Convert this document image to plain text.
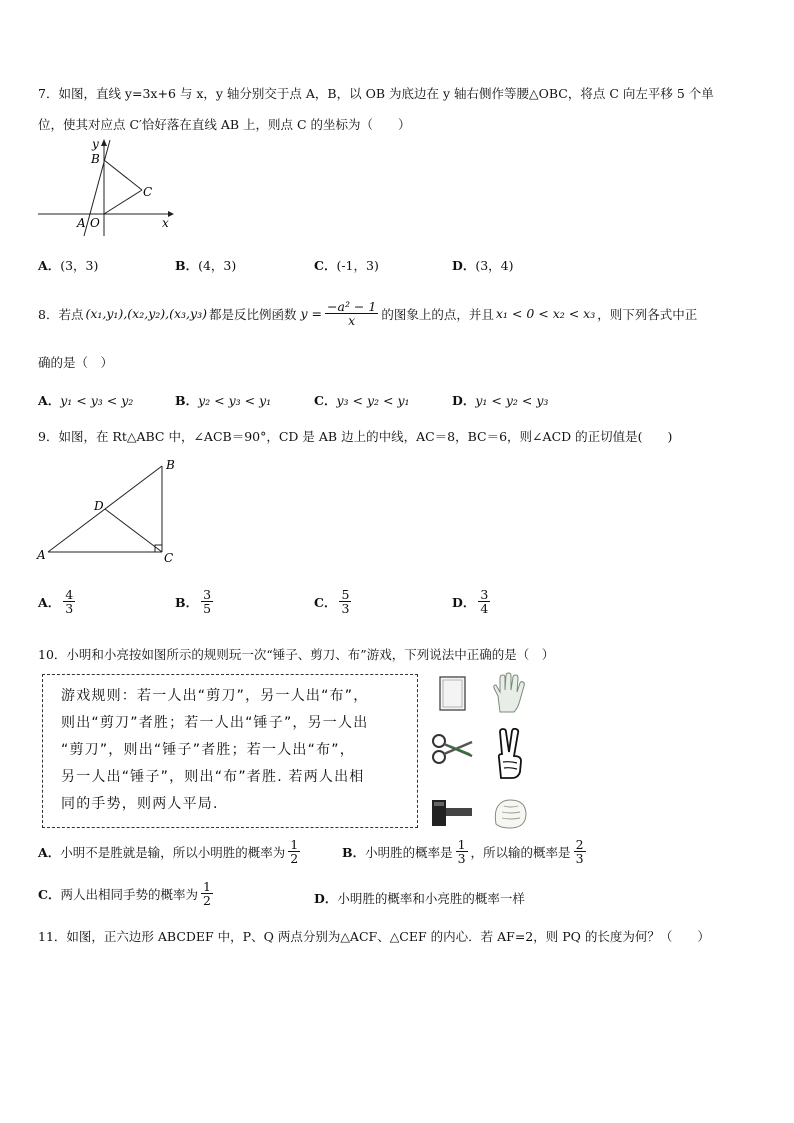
7．如图，直线 y=3x+6 与 x，y 轴分别交于点 A，B，以 OB 为底边在 y 轴右侧作等腰△OBC，将点 C 向左平移 5 个单
位，使其对应点 C′恰好落在直线 AB 上，则点 C 的坐标为（　　）
y
B
C
A O	x
A．(3，3)	B．(4，3)	C．(-1，3)	D．(3，4)
8．若点 (x₁,y₁),(x₂,y₂),(x₃,y₃) 都是反比例函数 $y = \frac{\text{−a² − 1}}{x}$ 的图象上的点，并且 x₁ < 0 < x₂ < x₃ ，则下列各式中正
确的是（　）
A．y₁ < y₃ < y₂	B．y₂ < y₃ < y₁	C．y₃ < y₂ < y₁	D．y₁ < y₂ < y₃
9．如图，在 Rt△ABC 中，∠ACB＝90°，CD 是 AB 边上的中线，AC＝8，BC＝6，则∠ACD 的正切值是(　　)
B
D
A	C
A． $\frac{4}{3}$	B． $\frac{3}{5}$	C． $\frac{5}{3}$	D． $\frac{3}{4}$
10．小明和小亮按如图所示的规则玩一次“锤子、剪刀、布”游戏，下列说法中正确的是（　）
游戏规则：若一人出“剪刀”，另一人出“布”，
则出“剪刀”者胜；若一人出“锤子”，另一人出
“剪刀”，则出“锤子”者胜；若一人出“布”，
另一人出“锤子”，则出“布”者胜. 若两人出相
同的手势，则两人平局.
A． 小明不是胜就是输，所以小明胜的概率为 $\frac{1}{2}$	B． 小明胜的概率是 $\frac{1}{3}$ ，所以输的概率是 $\frac{2}{3}$
C． 两人出相同手势的概率为 $\frac{1}{2}$	D．小明胜的概率和小亮胜的概率一样
11．如图，正六边形 ABCDEF 中，P、Q 两点分别为△ACF、△CEF 的内心．若 AF=2，则 PQ 的长度为何？（　　）
